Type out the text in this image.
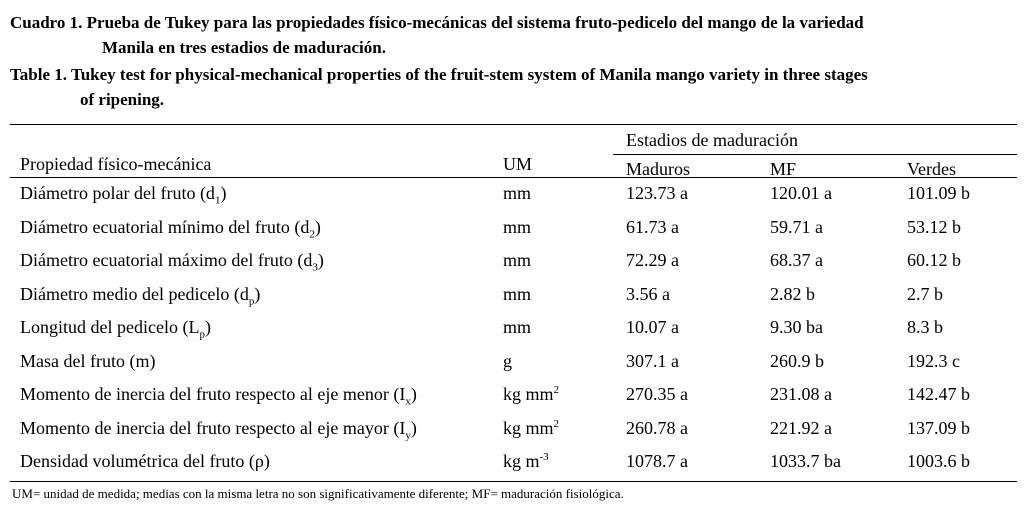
Cuadro 1. Prueba de Tukey para las propiedades físico-mecánicas del sistema fruto-pedicelo del mango de la variedad
Manila en tres estadios de maduración.
Table 1. Tukey test for physical-mechanical properties of the fruit-stem system of Manila mango variety in three stages
of ripening.
Propiedad físico-mecánica	UM
Estadios de maduración
Maduros	MF	Verdes
Diámetro polar del fruto $(d_1)$	mm	123.73 a	120.01 a	101.09 b
Diámetro ecuatorial mínimo del fruto $(d_2)$	mm	61.73 a	59.71 a	53.12 b
Diámetro ecuatorial máximo del fruto $(d_3)$	mm	72.29 a	68.37 a	60.12 b
Diámetro medio del pedicelo $(d_p)$	mm	3.56 a	2.82 b	2.7 b
Longitud del pedicelo $(L_p)$	mm	10.07 a	9.30 ba	8.3 b
Masa del fruto (m)	g	307.1 a	260.9 b	192.3 c
Momento de inercia del fruto respecto al eje menor $(I_x)$	kg $mm^2$	270.35 a	231.08 a	142.47 b
Momento de inercia del fruto respecto al eje mayor $(I_y)$	kg $mm^2$	260.78 a	221.92 a	137.09 b
Densidad volumétrica del fruto (ρ)	kg $m^{-3}$	1078.7 a	1033.7 ba	1003.6 b
UM= unidad de medida; medias con la misma letra no son significativamente diferente; MF= maduración fisiológica.
